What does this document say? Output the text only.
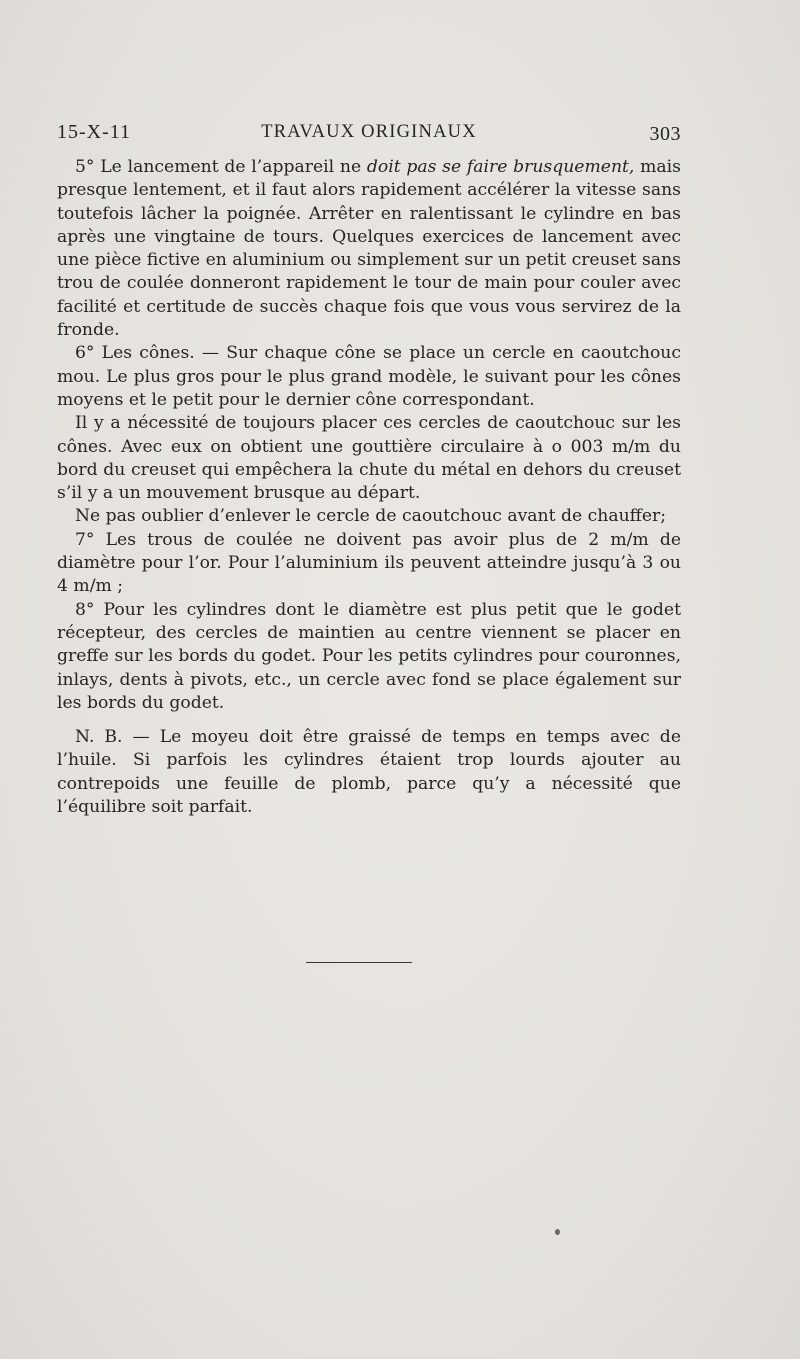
15-X-11	TRAVAUX ORIGINAUX	303

5° Le lancement de l’appareil ne doit pas se faire brusquement, mais presque lentement, et il faut alors rapidement accélérer la vitesse sans toutefois lâcher la poignée. Arrêter en ralentissant le cylindre en bas après une vingtaine de tours. Quelques exercices de lancement avec une pièce fictive en aluminium ou simplement sur un petit creuset sans trou de coulée donneront rapidement le tour de main pour couler avec facilité et certitude de succès chaque fois que vous vous servirez de la fronde.

6° Les cônes. — Sur chaque cône se place un cercle en caoutchouc mou. Le plus gros pour le plus grand modèle, le suivant pour les cônes moyens et le petit pour le dernier cône correspondant.

Il y a nécessité de toujours placer ces cercles de caoutchouc sur les cônes. Avec eux on obtient une gouttière circulaire à o 003 m/m du bord du creuset qui empêchera la chute du métal en dehors du creuset s’il y a un mouvement brusque au départ.

Ne pas oublier d’enlever le cercle de caoutchouc avant de chauffer;

7° Les trous de coulée ne doivent pas avoir plus de 2 m/m de diamètre pour l’or. Pour l’aluminium ils peuvent atteindre jusqu’à 3 ou 4 m/m ;

8° Pour les cylindres dont le diamètre est plus petit que le godet récepteur, des cercles de maintien au centre viennent se placer en greffe sur les bords du godet. Pour les petits cylindres pour couronnes, inlays, dents à pivots, etc., un cercle avec fond se place également sur les bords du godet.

N. B. — Le moyeu doit être graissé de temps en temps avec de l’huile. Si parfois les cylindres étaient trop lourds ajouter au contrepoids une feuille de plomb, parce qu’y a nécessité que l’équilibre soit parfait.
